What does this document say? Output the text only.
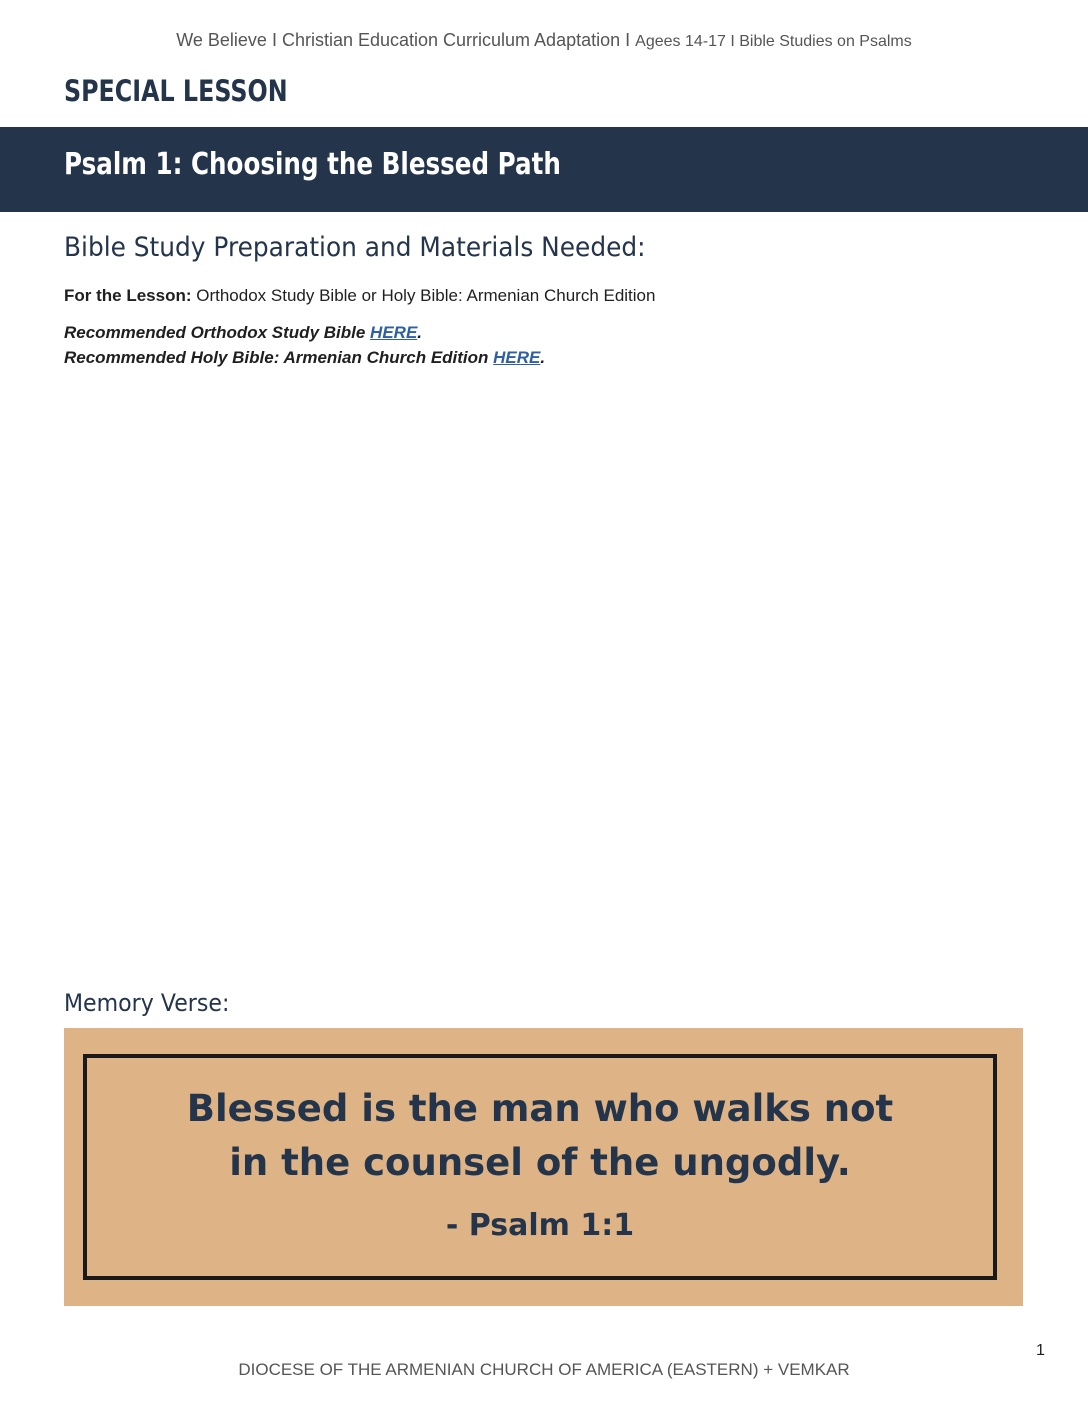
We Believe I Christian Education Curriculum Adaptation I Agees 14-17 I Bible Studies on Psalms
SPECIAL LESSON
Psalm 1: Choosing the Blessed Path
Bible Study Preparation and Materials Needed:
For the Lesson: Orthodox Study Bible or Holy Bible: Armenian Church Edition
Recommended Orthodox Study Bible HERE.
Recommended Holy Bible: Armenian Church Edition HERE.
Memory Verse:
Blessed is the man who walks not
in the counsel of the ungodly.
- Psalm 1:1
1
DIOCESE OF THE ARMENIAN CHURCH OF AMERICA (EASTERN) + VEMKAR
